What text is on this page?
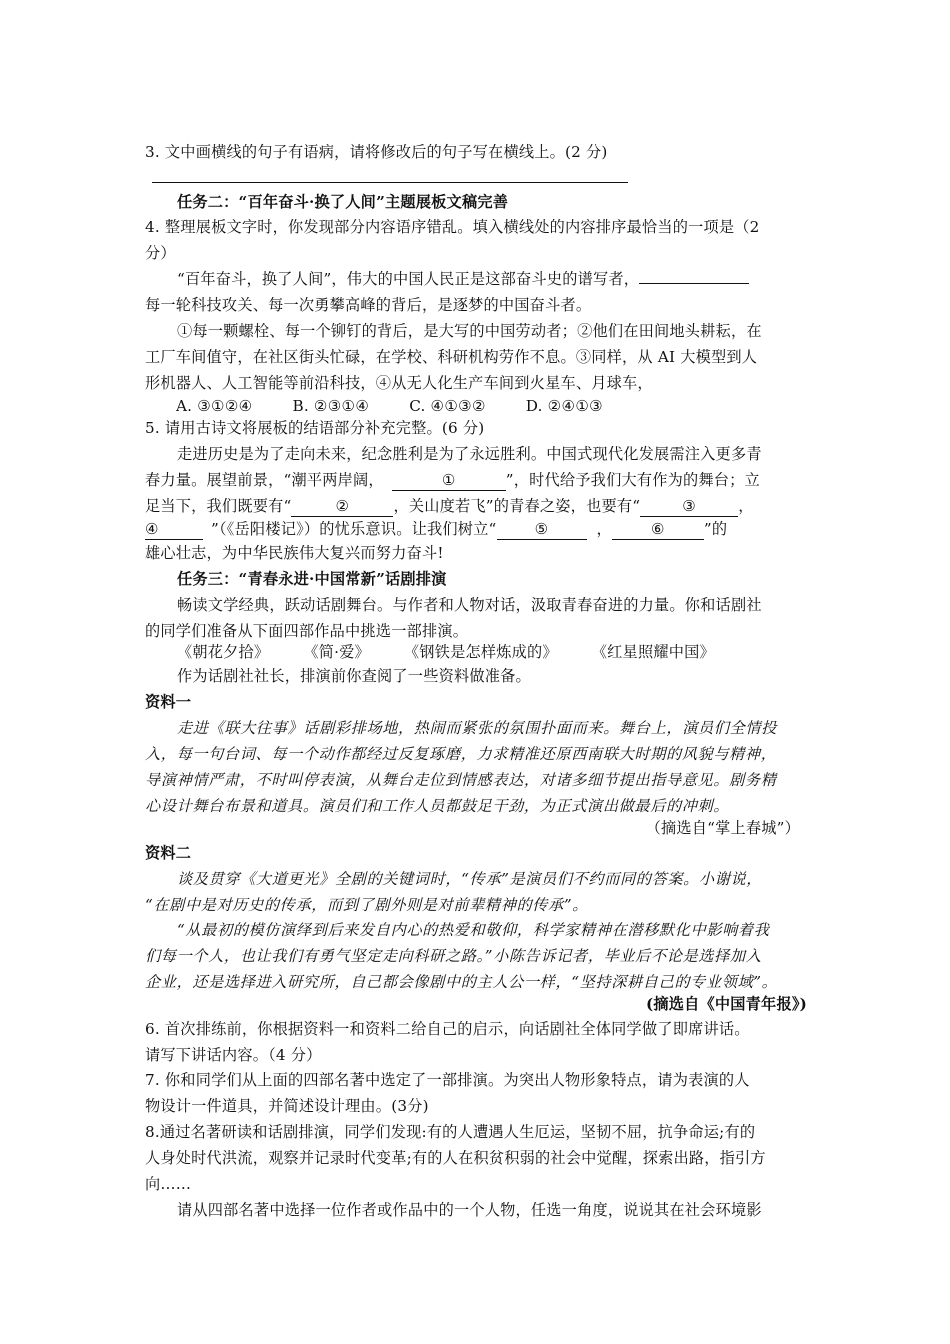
3. 文中画横线的句子有语病，请将修改后的句子写在横线上。(2 分)
任务二：“百年奋斗·换了人间”主题展板文稿完善
4. 整理展板文字时，你发现部分内容语序错乱。填入横线处的内容排序最恰当的一项是（2
分）
“百年奋斗，换了人间”，伟大的中国人民正是这部奋斗史的谱写者，
每一轮科技攻关、每一次勇攀高峰的背后，是逐梦的中国奋斗者。
①每一颗螺栓、每一个铆钉的背后，是大写的中国劳动者；②他们在田间地头耕耘，在
工厂车间值守，在社区街头忙碌，在学校、科研机构劳作不息。③同样，从 AI 大模型到人
形机器人、人工智能等前沿科技，④从无人化生产车间到火星车、月球车，
A. ③①②④	B. ②③①④	C. ④①③②	D. ②④①③
5. 请用古诗文将展板的结语部分补充完整。(6 分)
走进历史是为了走向未来，纪念胜利是为了永远胜利。中国式现代化发展需注入更多青
春力量。展望前景，“潮平两岸阔，	①	”，时代给予我们大有作为的舞台；立
足当下，我们既要有“	②	，关山度若飞”的青春之姿，也要有“	③	，
④	”（《岳阳楼记》）的忧乐意识。让我们树立“	⑤	，	⑥	”的
雄心壮志，为中华民族伟大复兴而努力奋斗!
任务三：“青春永进·中国常新”话剧排演
畅读文学经典，跃动话剧舞台。与作者和人物对话，汲取青春奋进的力量。你和话剧社
的同学们准备从下面四部作品中挑选一部排演。
《朝花夕拾》 《简·爱》 《钢铁是怎样炼成的》 《红星照耀中国》
作为话剧社社长，排演前你查阅了一些资料做准备。
资料一
走进《联大往事》话剧彩排场地，热闹而紧张的氛围扑面而来。舞台上，演员们全情投
入，每一句台词、每一个动作都经过反复琢磨，力求精准还原西南联大时期的风貌与精神，
导演神情严肃，不时叫停表演，从舞台走位到情感表达，对诸多细节提出指导意见。剧务精
心设计舞台布景和道具。演员们和工作人员都鼓足干劲，为正式演出做最后的冲刺。
（摘选自“掌上春城”）
资料二
谈及贯穿《大道更光》全剧的关键词时，“传承”是演员们不约而同的答案。小谢说，
“在剧中是对历史的传承，而到了剧外则是对前辈精神的传承”。
“从最初的模仿演绎到后来发自内心的热爱和敬仰，科学家精神在潜移默化中影响着我
们每一个人，也让我们有勇气坚定走向科研之路。”小陈告诉记者，毕业后不论是选择加入
企业，还是选择进入研究所，自己都会像剧中的主人公一样，“坚持深耕自己的专业领域”。
(摘选自《中国青年报》)
6. 首次排练前，你根据资料一和资料二给自己的启示，向话剧社全体同学做了即席讲话。
请写下讲话内容。（4 分）
7. 你和同学们从上面的四部名著中选定了一部排演。为突出人物形象特点，请为表演的人
物设计一件道具，并简述设计理由。(3分)
8.通过名著研读和话剧排演，同学们发现:有的人遭遇人生厄运，坚韧不屈，抗争命运;有的
人身处时代洪流，观察并记录时代变革;有的人在积贫积弱的社会中觉醒，探索出路，指引方
向……
请从四部名著中选择一位作者或作品中的一个人物，任选一角度，说说其在社会环境影
